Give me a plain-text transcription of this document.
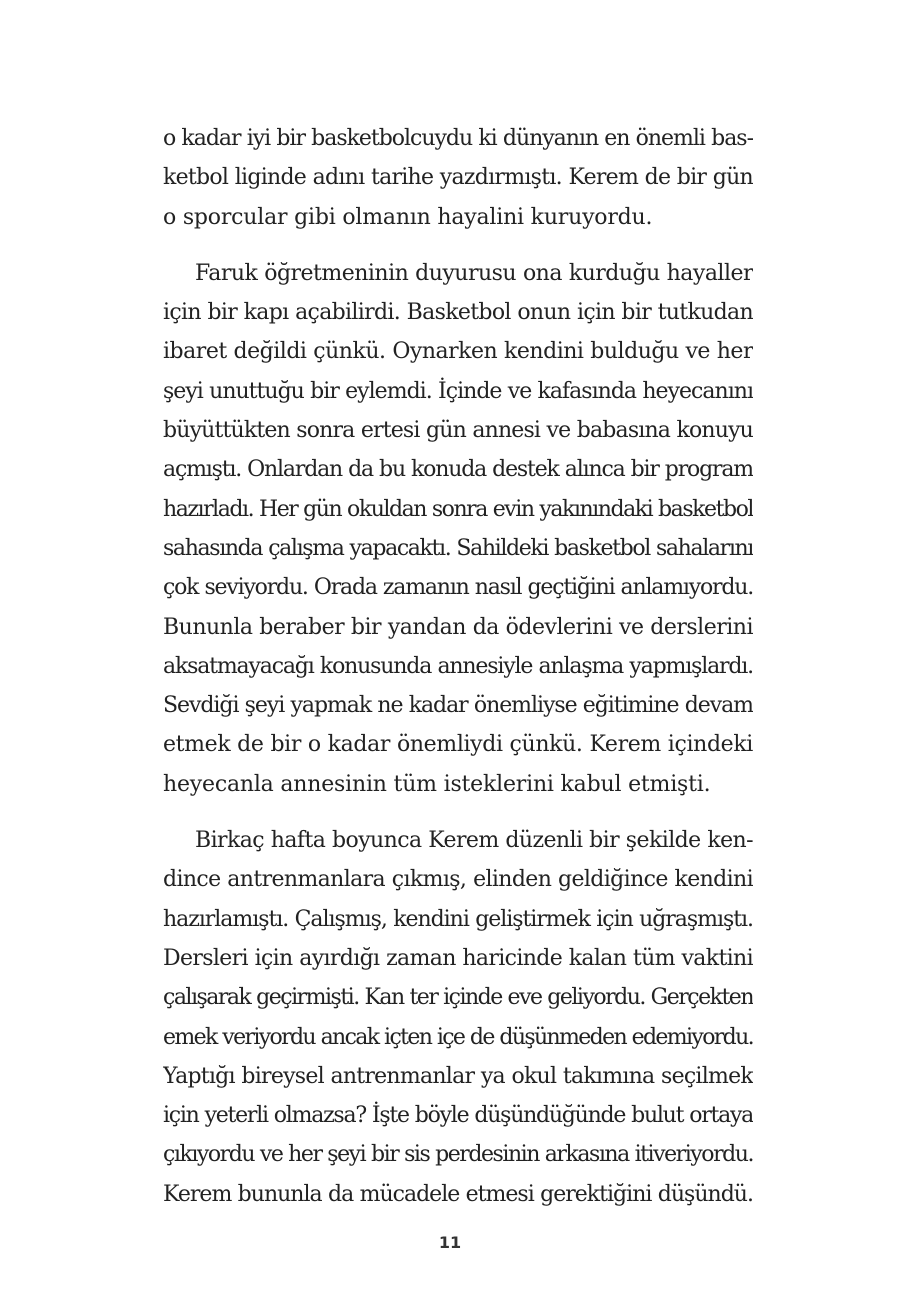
o kadar iyi bir basketbolcuydu ki dünyanın en önemli bas-
ketbol liginde adını tarihe yazdırmıştı. Kerem de bir gün
o sporcular gibi olmanın hayalini kuruyordu.
Faruk öğretmeninin duyurusu ona kurduğu hayaller
için bir kapı açabilirdi. Basketbol onun için bir tutkudan
ibaret değildi çünkü. Oynarken kendini bulduğu ve her
şeyi unuttuğu bir eylemdi. İçinde ve kafasında heyecanını
büyüttükten sonra ertesi gün annesi ve babasına konuyu
açmıştı. Onlardan da bu konuda destek alınca bir program
hazırladı. Her gün okuldan sonra evin yakınındaki basketbol
sahasında çalışma yapacaktı. Sahildeki basketbol sahalarını
çok seviyordu. Orada zamanın nasıl geçtiğini anlamıyordu.
Bununla beraber bir yandan da ödevlerini ve derslerini
aksatmayacağı konusunda annesiyle anlaşma yapmışlardı.
Sevdiği şeyi yapmak ne kadar önemliyse eğitimine devam
etmek de bir o kadar önemliydi çünkü. Kerem içindeki
heyecanla annesinin tüm isteklerini kabul etmişti.
Birkaç hafta boyunca Kerem düzenli bir şekilde ken-
dince antrenmanlara çıkmış, elinden geldiğince kendini
hazırlamıştı. Çalışmış, kendini geliştirmek için uğraşmıştı.
Dersleri için ayırdığı zaman haricinde kalan tüm vaktini
çalışarak geçirmişti. Kan ter içinde eve geliyordu. Gerçekten
emek veriyordu ancak içten içe de düşünmeden edemiyordu.
Yaptığı bireysel antrenmanlar ya okul takımına seçilmek
için yeterli olmazsa? İşte böyle düşündüğünde bulut ortaya
çıkıyordu ve her şeyi bir sis perdesinin arkasına itiveriyordu.
Kerem bununla da mücadele etmesi gerektiğini düşündü.
11
